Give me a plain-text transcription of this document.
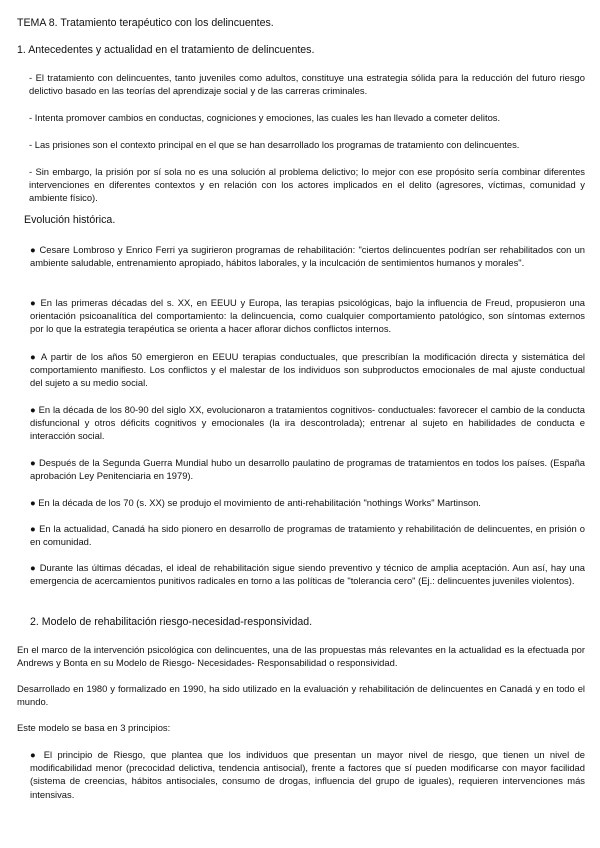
TEMA 8. Tratamiento terapéutico con los delincuentes.

1. Antecedentes y actualidad en el tratamiento de delincuentes.

- El tratamiento con delincuentes, tanto juveniles como adultos, constituye una estrategia sólida para la reducción del futuro riesgo delictivo basado en las teorías del aprendizaje social y de las carreras criminales.

- Intenta promover cambios en conductas, cogniciones y emociones, las cuales les han llevado a cometer delitos.

- Las prisiones son el contexto principal en el que se han desarrollado los programas de tratamiento con delincuentes.

- Sin embargo, la prisión por sí sola no es una solución al problema delictivo; lo mejor con ese propósito sería combinar diferentes intervenciones en diferentes contextos y en relación con los actores implicados en el delito (agresores, víctimas, comunidad y ambiente físico).

Evolución histórica.

● Cesare Lombroso y Enrico Ferri ya sugirieron programas de rehabilitación: "ciertos delincuentes podrían ser rehabilitados con un ambiente saludable, entrenamiento apropiado, hábitos laborales, y la inculcación de sentimientos humanos y morales".

● En las primeras décadas del s. XX, en EEUU y Europa, las terapias psicológicas, bajo la influencia de Freud, propusieron una orientación psicoanalítica del comportamiento: la delincuencia, como cualquier comportamiento patológico, son síntomas externos por lo que la estrategia terapéutica se orienta a hacer aflorar dichos conflictos internos.

● A partir de los años 50 emergieron en EEUU terapias conductuales, que prescribían la modificación directa y sistemática del comportamiento manifiesto. Los conflictos y el malestar de los individuos son subproductos emocionales de mal ajuste conductual del sujeto a su medio social.

● En la década de los 80-90 del siglo XX, evolucionaron a tratamientos cognitivos- conductuales: favorecer el cambio de la conducta disfuncional y otros déficits cognitivos y emocionales (la ira descontrolada); entrenar al sujeto en habilidades de conducta e interacción social.

● Después de la Segunda Guerra Mundial hubo un desarrollo paulatino de programas de tratamientos en todos los países. (España aprobación Ley Penitenciaria en 1979).

● En la década de los 70 (s. XX) se produjo el movimiento de anti-rehabilitación "nothings Works" Martinson.

● En la actualidad, Canadá ha sido pionero en desarrollo de programas de tratamiento y rehabilitación de delincuentes, en prisión o en comunidad.

● Durante las últimas décadas, el ideal de rehabilitación sigue siendo preventivo y técnico de amplia aceptación. Aun así, hay una emergencia de acercamientos punitivos radicales en torno a las políticas de "tolerancia cero" (Ej.: delincuentes juveniles violentos).

2. Modelo de rehabilitación riesgo-necesidad-responsividad.

En el marco de la intervención psicológica con delincuentes, una de las propuestas más relevantes en la actualidad es la efectuada por Andrews y Bonta en su Modelo de Riesgo- Necesidades- Responsabilidad o responsividad.

Desarrollado en 1980 y formalizado en 1990, ha sido utilizado en la evaluación y rehabilitación de delincuentes en Canadá y en todo el mundo.

Este modelo se basa en 3 principios:

● El principio de Riesgo, que plantea que los individuos que presentan un mayor nivel de riesgo, que tienen un nivel de modificabilidad menor (precocidad delictiva, tendencia antisocial), frente a factores que sí pueden modificarse con mayor facilidad (sistema de creencias, hábitos antisociales, consumo de drogas, influencia del grupo de iguales), requieren intervenciones más intensivas.
